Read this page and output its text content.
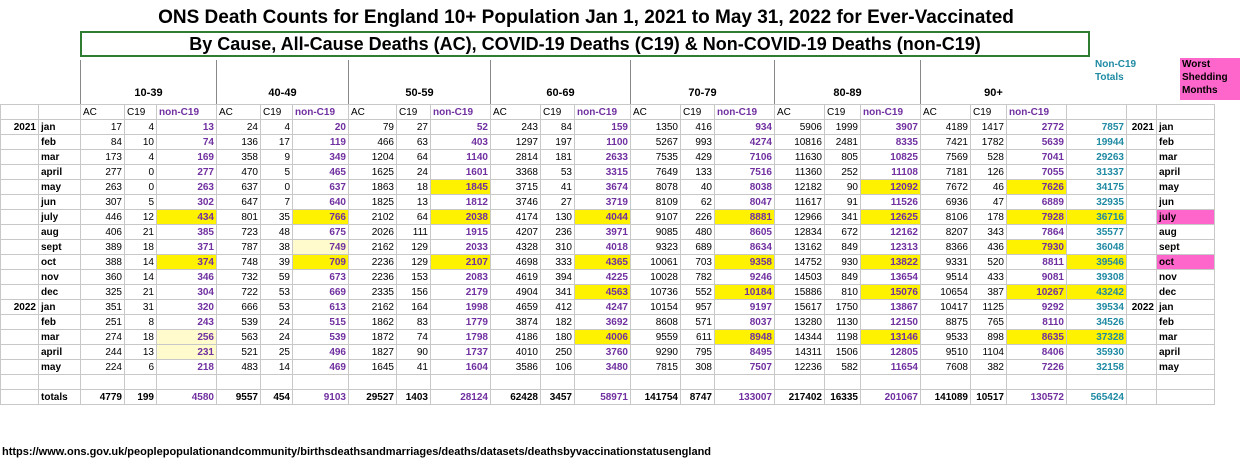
ONS Death Counts for England 10+ Population Jan 1, 2021 to May 31, 2022 for Ever-Vaccinated
By Cause, All-Cause Deaths (AC), COVID-19 Deaths (C19) & Non-COVID-19 Deaths (non-C19)
10-39	40-49	50-59	60-69	70-79	80-89	90+
Non-C19 Totals
Worst Shedding Months
		AC	C19	non-C19	AC	C19	non-C19	AC	C19	non-C19	AC	C19	non-C19	AC	C19	non-C19	AC	C19	non-C19	AC	C19	non-C19			
2021	jan	17	4	13	24	4	20	79	27	52	243	84	159	1350	416	934	5906	1999	3907	4189	1417	2772	7857	2021	jan
	feb	84	10	74	136	17	119	466	63	403	1297	197	1100	5267	993	4274	10816	2481	8335	7421	1782	5639	19944		feb
	mar	173	4	169	358	9	349	1204	64	1140	2814	181	2633	7535	429	7106	11630	805	10825	7569	528	7041	29263		mar
	april	277	0	277	470	5	465	1625	24	1601	3368	53	3315	7649	133	7516	11360	252	11108	7181	126	7055	31337		april
	may	263	0	263	637	0	637	1863	18	1845	3715	41	3674	8078	40	8038	12182	90	12092	7672	46	7626	34175		may
	jun	307	5	302	647	7	640	1825	13	1812	3746	27	3719	8109	62	8047	11617	91	11526	6936	47	6889	32935		jun
	july	446	12	434	801	35	766	2102	64	2038	4174	130	4044	9107	226	8881	12966	341	12625	8106	178	7928	36716		july
	aug	406	21	385	723	48	675	2026	111	1915	4207	236	3971	9085	480	8605	12834	672	12162	8207	343	7864	35577		aug
	sept	389	18	371	787	38	749	2162	129	2033	4328	310	4018	9323	689	8634	13162	849	12313	8366	436	7930	36048		sept
	oct	388	14	374	748	39	709	2236	129	2107	4698	333	4365	10061	703	9358	14752	930	13822	9331	520	8811	39546		oct
	nov	360	14	346	732	59	673	2236	153	2083	4619	394	4225	10028	782	9246	14503	849	13654	9514	433	9081	39308		nov
	dec	325	21	304	722	53	669	2335	156	2179	4904	341	4563	10736	552	10184	15886	810	15076	10654	387	10267	43242		dec
2022	jan	351	31	320	666	53	613	2162	164	1998	4659	412	4247	10154	957	9197	15617	1750	13867	10417	1125	9292	39534	2022	jan
	feb	251	8	243	539	24	515	1862	83	1779	3874	182	3692	8608	571	8037	13280	1130	12150	8875	765	8110	34526		feb
	mar	274	18	256	563	24	539	1872	74	1798	4186	180	4006	9559	611	8948	14344	1198	13146	9533	898	8635	37328		mar
	april	244	13	231	521	25	496	1827	90	1737	4010	250	3760	9290	795	8495	14311	1506	12805	9510	1104	8406	35930		april
	may	224	6	218	483	14	469	1645	41	1604	3586	106	3480	7815	308	7507	12236	582	11654	7608	382	7226	32158		may

	totals	4779	199	4580	9557	454	9103	29527	1403	28124	62428	3457	58971	141754	8747	133007	217402	16335	201067	141089	10517	130572	565424		
https://www.ons.gov.uk/peoplepopulationandcommunity/birthsdeathsandmarriages/deaths/datasets/deathsbyvaccinationstatusengland
